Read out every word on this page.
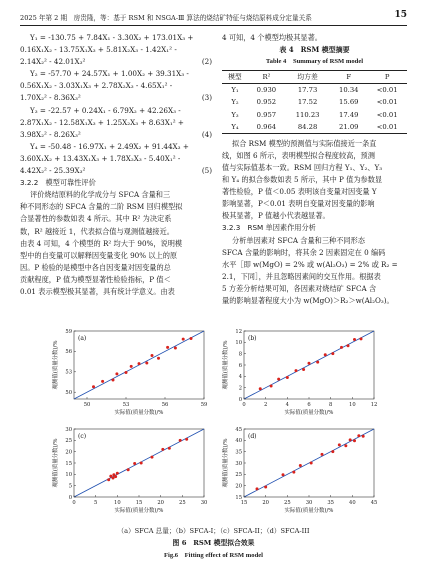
2025 年第 2 期　房贵隆，等：基于 RSM 和 NSGA-Ⅲ 算法的烧结矿特征与烧结原料成分定量关系	15
Y₁ = -130.75 + 7.84X₁ - 3.30X₂ + 173.01X₃ +
0.16X₁X₂ - 13.75X₁X₃ + 5.81X₂X₃ - 1.42X₁² -
2.14X₂² - 42.01X₃²	(2)
Y₂ = -57.70 + 24.57X₁ + 1.00X₂ + 39.31X₃ -
0.56X₁X₂ - 3.03X₁X₃ + 2.78X₂X₃ - 4.65X₁² -
1.70X₂² - 8.36X₃²	(3)
Y₃ = -22.57 + 0.24X₁ - 6.79X₂ + 42.26X₃ -
2.87X₁X₂ - 12.58X₁X₃ + 1.25X₂X₃ + 8.63X₁² +
3.98X₂² - 8.26X₃²	(4)
Y₄ = -50.48 - 16.97X₁ + 2.49X₂ + 91.44X₃ +
3.60X₁X₂ + 13.43X₁X₃ + 1.78X₂X₃ - 5.40X₁² -
4.42X₂² - 25.39X₃²	(5)
3.2.2　模型可靠性评价
评价烧结原料的化学成分与 SFCA 含量和三
种不同形态的 SFCA 含量的二阶 RSM 回归模型拟
合显著性的参数如表 4 所示。其中 R² 为决定系
数，R² 越接近 1，代表拟合值与观测值越接近。
由表 4 可知，4 个模型的 R² 均大于 90%，说明模
型中的自变量可以解释因变量变化 90% 以上的原
因。P 检验的是模型中各自因变量对因变量的总
贡献程度，P 值为模型显著性检验指标，P 值＜
0.01 表示模型极其显著，具有统计学意义。由表
4 可知，4 个模型均极其显著。
表 4　RSM 模型摘要
Table 4　Summary of RSM model
模型	R²	均方差	F	P
Y₁	0.930	17.73	10.34	<0.01
Y₂	0.952	17.52	15.69	<0.01
Y₃	0.957	110.23	17.49	<0.01
Y₄	0.964	84.28	21.09	<0.01
拟合 RSM 模型的预测值与实际值接近一条直
线，如图 6 所示，表明模型拟合程度较高，预测
值与实际值基本一致。RSM 回归方程 Y₁、Y₂、Y₃
和 Y₄ 的拟合参数如表 5 所示，其中 P 值为参数显
著性检验，P 值＜0.05 表明该自变量对因变量 Y
影响显著，P＜0.01 表明自变量对因变量的影响
极其显著，P 值越小代表越显著。
3.2.3　RSM 单因素作用分析
分析单因素对 SFCA 含量和三种不同形态
SFCA 含量的影响时，将其余 2 因素固定在 0 编码
水平［即 w(MgO) = 2% 或 w(Al₂O₃) = 2% 或 R₂ =
2.1，下同］，并且忽略因素间的交互作用。根据表
5 方差分析结果可知，各因素对烧结矿 SFCA 含
量的影响显著程度大小为 w(MgO)＞R₂＞w(Al₂O₃)。
50	53	56	59
50
53
56
59
(a)
实际值(质量分数)/%
观测值(质量分数)/%
0	2	4	6	8	10	12
0
2
4
6
8
10
12
(b)
实际值(质量分数)/%
观测值(质量分数)/%
0	5	10	15	20	25	30
0
5
10
15
20
25
30
(c)
实际值(质量分数)/%
观测值(质量分数)/%
15	20	25	30	35	40	45
15
20
25
30
35
40
45
(d)
实际值(质量分数)/%
观测值(质量分数)/%
（a）SFCA 总量；（b）SFCA-I；（c）SFCA-II；（d）SFCA-III
图 6　RSM 模型拟合效果
Fig.6　Fitting effect of RSM model
